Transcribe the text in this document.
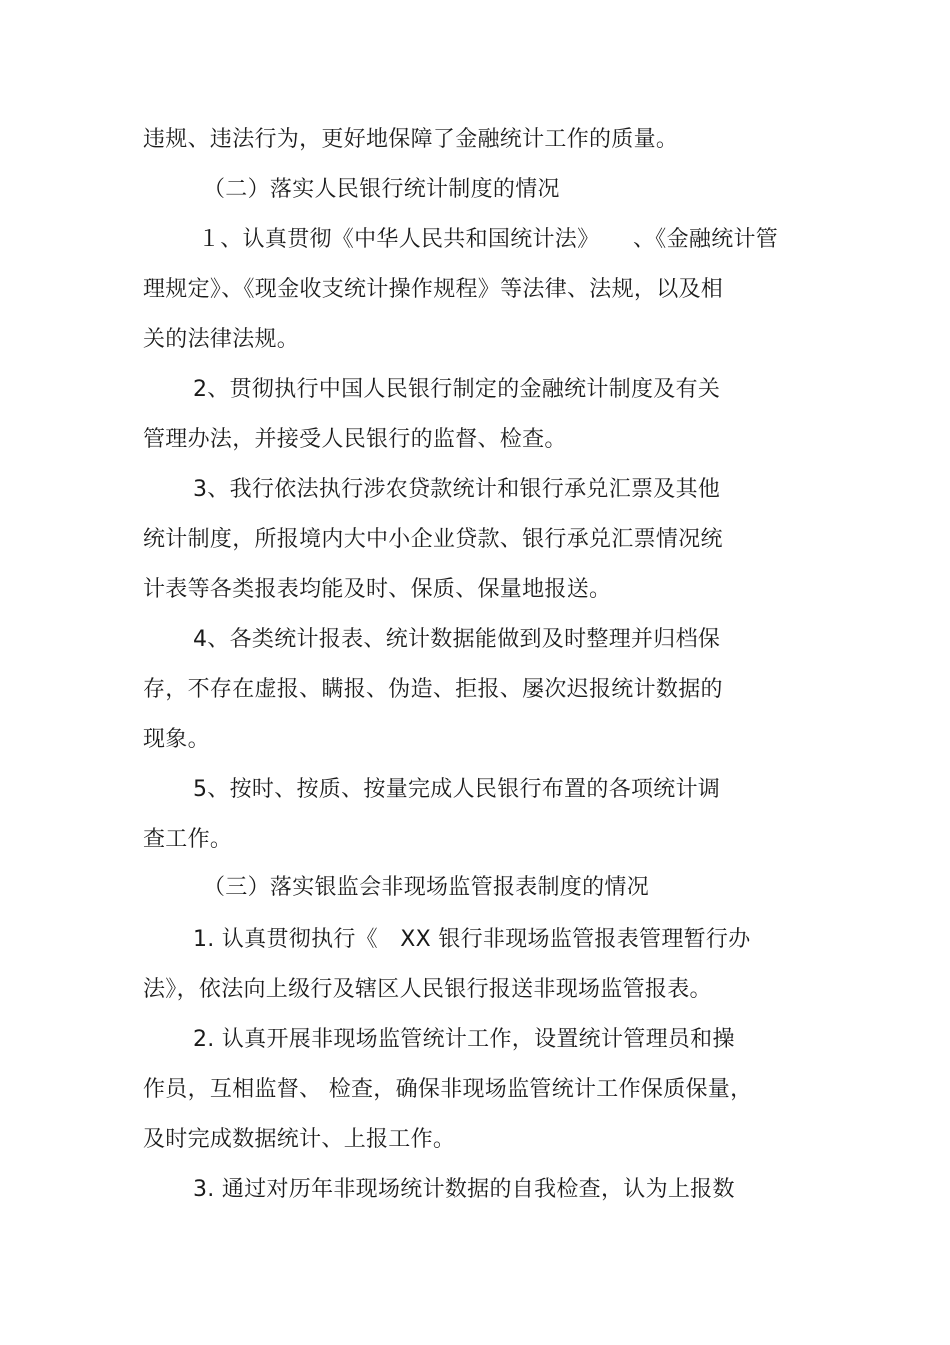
违规、违法行为，更好地保障了金融统计工作的质量。
（二）落实人民银行统计制度的情况
１、认真贯彻《中华人民共和国统计法》　　、《金融统计管
理规定》、《现金收支统计操作规程》等法律、法规，以及相
关的法律法规。
2、贯彻执行中国人民银行制定的金融统计制度及有关
管理办法，并接受人民银行的监督、检查。
3、我行依法执行涉农贷款统计和银行承兑汇票及其他
统计制度，所报境内大中小企业贷款、银行承兑汇票情况统
计表等各类报表均能及时、保质、保量地报送。
4、各类统计报表、统计数据能做到及时整理并归档保
存，不存在虚报、瞒报、伪造、拒报、屡次迟报统计数据的
现象。
5、按时、按质、按量完成人民银行布置的各项统计调
查工作。
（三）落实银监会非现场监管报表制度的情况
1. 认真贯彻执行《　XX 银行非现场监管报表管理暂行办
法》，依法向上级行及辖区人民银行报送非现场监管报表。
2. 认真开展非现场监管统计工作，设置统计管理员和操
作员，互相监督、 检查，确保非现场监管统计工作保质保量，
及时完成数据统计、上报工作。
3. 通过对历年非现场统计数据的自我检查，认为上报数
